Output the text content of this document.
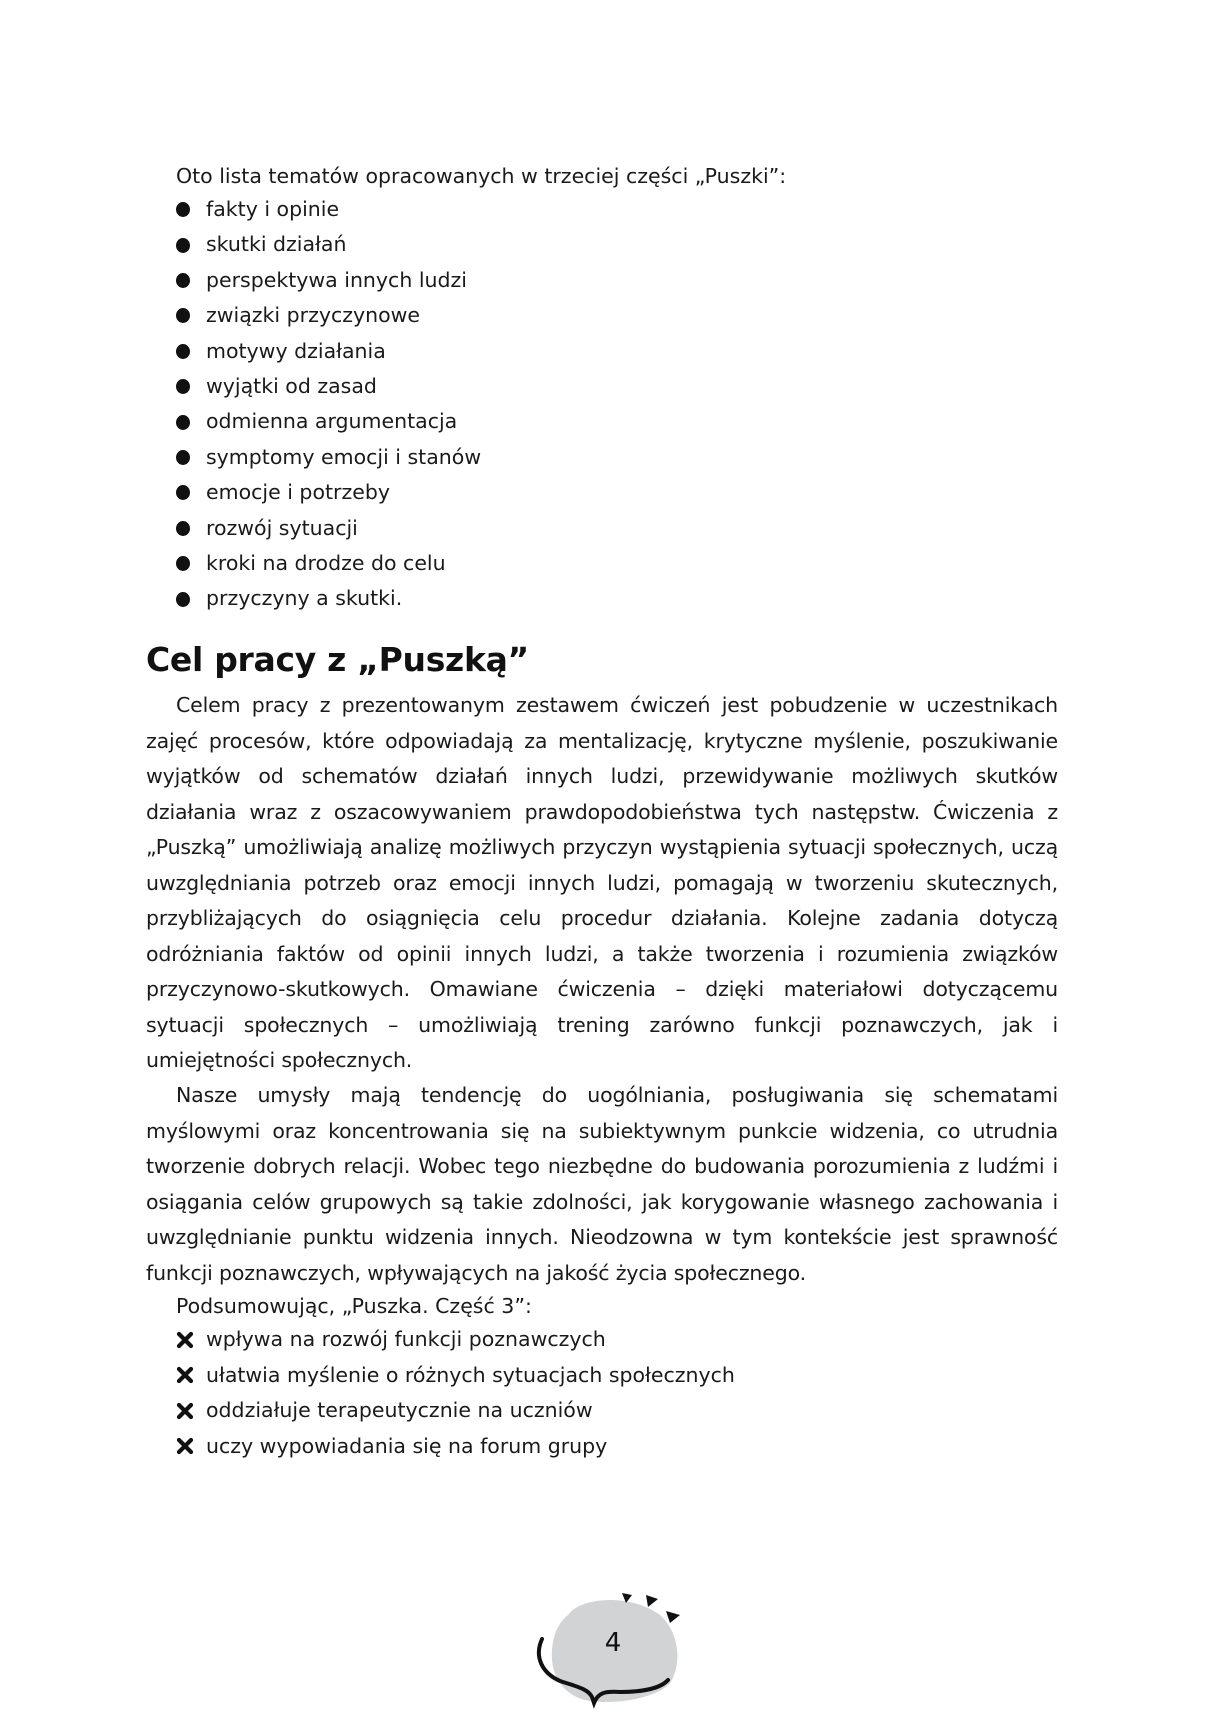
Oto lista tematów opracowanych w trzeciej części „Puszki”:

fakty i opinie
skutki działań
perspektywa innych ludzi
związki przyczynowe
motywy działania
wyjątki od zasad
odmienna argumentacja
symptomy emocji i stanów
emocje i potrzeby
rozwój sytuacji
kroki na drodze do celu
przyczyny a skutki.
Cel pracy z „Puszką”

Celem pracy z prezentowanym zestawem ćwiczeń jest pobudzenie w uczestnikach zajęć procesów, które odpowiadają za mentalizację, krytyczne myślenie, poszukiwanie wyjątków od schematów działań innych ludzi, przewidywanie możliwych skutków działania wraz z oszacowywaniem prawdopodobieństwa tych następstw. Ćwiczenia z „Puszką” umożliwiają analizę możliwych przyczyn wystąpienia sytuacji społecznych, uczą uwzględniania potrzeb oraz emocji innych ludzi, pomagają w tworzeniu skutecznych, przybliżających do osiągnięcia celu procedur działania. Kolejne zadania dotyczą odróżniania faktów od opinii innych ludzi, a także tworzenia i rozumienia związków przyczynowo-skutkowych. Omawiane ćwiczenia – dzięki materiałowi dotyczącemu sytuacji społecznych – umożliwiają trening zarówno funkcji poznawczych, jak i umiejętności społecznych.

Nasze umysły mają tendencję do uogólniania, posługiwania się schematami myślowymi oraz koncentrowania się na subiektywnym punkcie widzenia, co utrudnia tworzenie dobrych relacji. Wobec tego niezbędne do budowania porozumienia z ludźmi i osiągania celów grupowych są takie zdolności, jak korygowanie własnego zachowania i uwzględnianie punktu widzenia innych. Nieodzowna w tym kontekście jest sprawność funkcji poznawczych, wpływających na jakość życia społecznego.

Podsumowując, „Puszka. Część 3”:

wpływa na rozwój funkcji poznawczych
ułatwia myślenie o różnych sytuacjach społecznych
oddziałuje terapeutycznie na uczniów
uczy wypowiadania się na forum grupy
4
